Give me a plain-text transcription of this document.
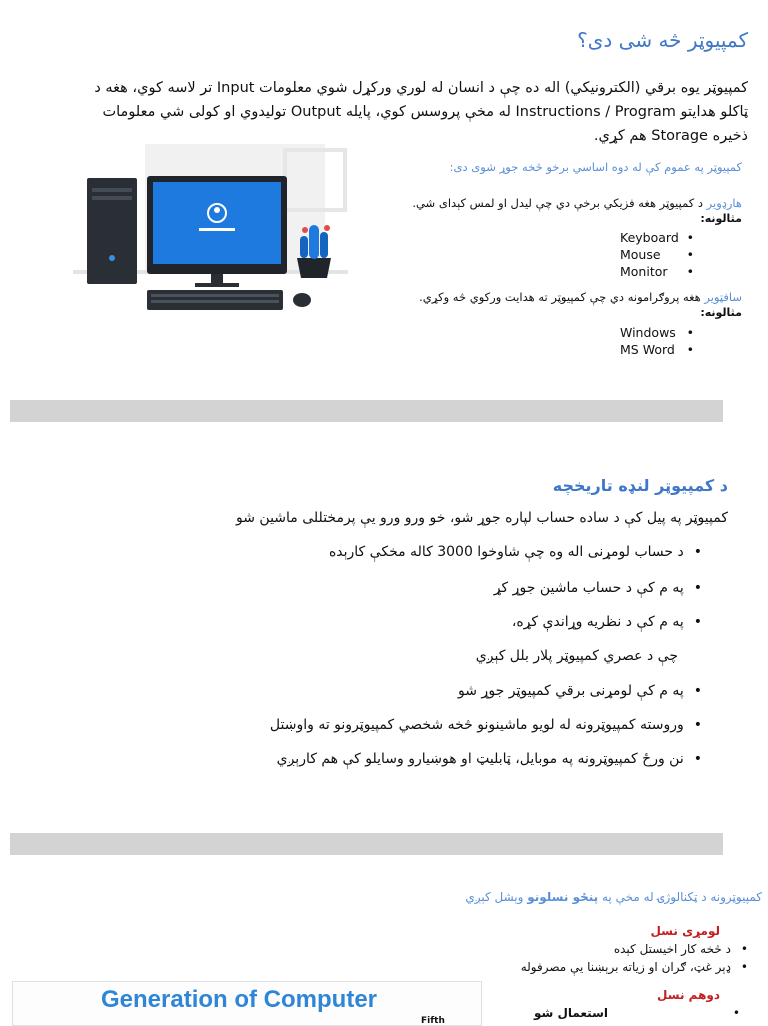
کمپیوټر څه شی دی؟
کمپیوټر یوه برقي (الکترونیکي) اله ده چې د انسان له لوري ورکړل شوي معلومات Input تر لاسه کوي، هغه د
ټاکلو هدایتو Instructions / Program له مخې پروسس کوي، پایله Output تولیدوي او کولی شي معلومات
ذخیره Storage هم کړي.
کمپیوټر په عموم کې له دوه اساسي برخو څخه جوړ شوی دی:
هارډویر د کمپیوټر هغه فزیکي برخې دي چې لیدل او لمس کېدای شي.
مثالونه:
Keyboard
Mouse
Monitor
•
•
•
سافټویر هغه پروګرامونه دي چې کمپیوټر ته هدایت ورکوي څه وکړي.
مثالونه:
Windows
MS Word
•
•
د کمپیوټر لنډه تاریخچه
کمپیوټر په پیل کې د ساده حساب لپاره جوړ شو، خو ورو ورو یې پرمختللی ماشین شو
• د حساب لومړنی اله وه چې شاوخوا 3000 کاله مخکې کارېده
• په م کې د حساب ماشین جوړ کړ
• په م کې د نظریه وړاندې کړه،
چې د عصري کمپیوټر پلار بلل کېږي
• په م کې لومړنی برقي کمپیوټر جوړ شو
• وروسته کمپیوټرونه له لویو ماشینونو څخه شخصي کمپیوټرونو ته واوښتل
• نن ورځ کمپیوټرونه په موبایل، ټابلیټ او هوښیارو وسایلو کې هم کارېږي
کمپیوټرونه د ټکنالوژۍ له مخې په پنځو نسلونو وېشل کېږي
لومړی نسل
• د څخه کار اخیستل کېده
• ډېر غټ، ګران او زیاته برېښنا یې مصرفوله
دوهم نسل
•
استعمال شو
Generation of Computer
Fifth
